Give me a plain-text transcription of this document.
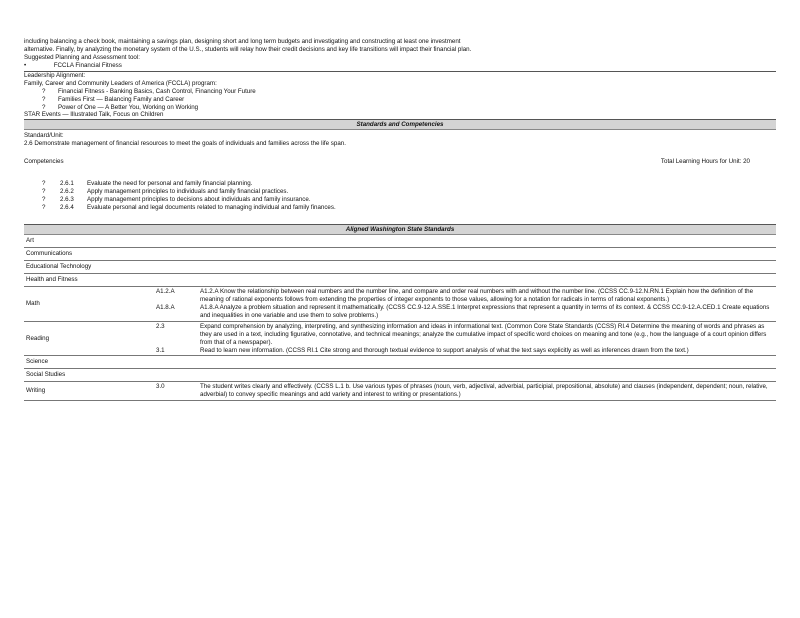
including balancing a check book, maintaining a savings plan, designing short and long term budgets and investigating and constructing at least one investment
alternative. Finally, by analyzing the monetary system of the U.S., students will relay how their credit decisions and key life transitions will impact their financial plan.
Suggested Planning and Assessment tool:
•	FCCLA Financial Fitness
Leadership Alignment:
Family, Career and Community Leaders of America (FCCLA) program:
? Financial Fitness - Banking Basics, Cash Control, Financing Your Future
? Families First — Balancing Family and Career
? Power of One — A Better You, Working on Working
STAR Events — Illustrated Talk, Focus on Children
Standards and Competencies
Standard/Unit:
2.6 Demonstrate management of financial resources to meet the goals of individuals and families across the life span.
Competencies	Total Learning Hours for Unit: 20
?	2.6.1	Evaluate the need for personal and family financial planning.
?	2.6.2	Apply management principles to individuals and family financial practices.
?	2.6.3	Apply management principles to decisions about individuals and family insurance.
?	2.6.4	Evaluate personal and legal documents related to managing individual and family finances.
Aligned Washington State Standards
Art	
Communications	
Educational Technology	
Health and Fitness	
Math	A1.2.A A1.2.A Know the relationship between real numbers and the number line, and compare and order real numbers with and without the number line. (CCSS CC.9-12.N.RN.1 Explain how the definition of the meaning of rational exponents follows from extending the properties of integer exponents to those values, allowing for a notation for radicals in terms of rational exponents.)
A1.8.A A1.8.A Analyze a problem situation and represent it mathematically. (CCSS CC.9-12.A.SSE.1 Interpret expressions that represent a quantity in terms of its context. & CCSS CC.9-12.A.CED.1 Create equations and inequalities in one variable and use them to solve problems.)

Reading	2.3 Expand comprehension by analyzing, interpreting, and synthesizing information and ideas in informational text. (Common Core State Standards (CCSS) RI.4 Determine the meaning of words and phrases as they are used in a text, including figurative, connotative, and technical meanings; analyze the cumulative impact of specific word choices on meaning and tone (e.g., how the language of a court opinion differs from that of a newspaper).
3.1 Read to learn new information. (CCSS RI.1 Cite strong and thorough textual evidence to support analysis of what the text says explicitly as well as inferences drawn from the text.)

Science	
Social Studies	
Writing	3.0 The student writes clearly and effectively. (CCSS L.1 b. Use various types of phrases (noun, verb, adjectival, adverbial, participial, prepositional, absolute) and clauses (independent, dependent; noun, relative, adverbial) to convey specific meanings and add variety and interest to writing or presentations.)
